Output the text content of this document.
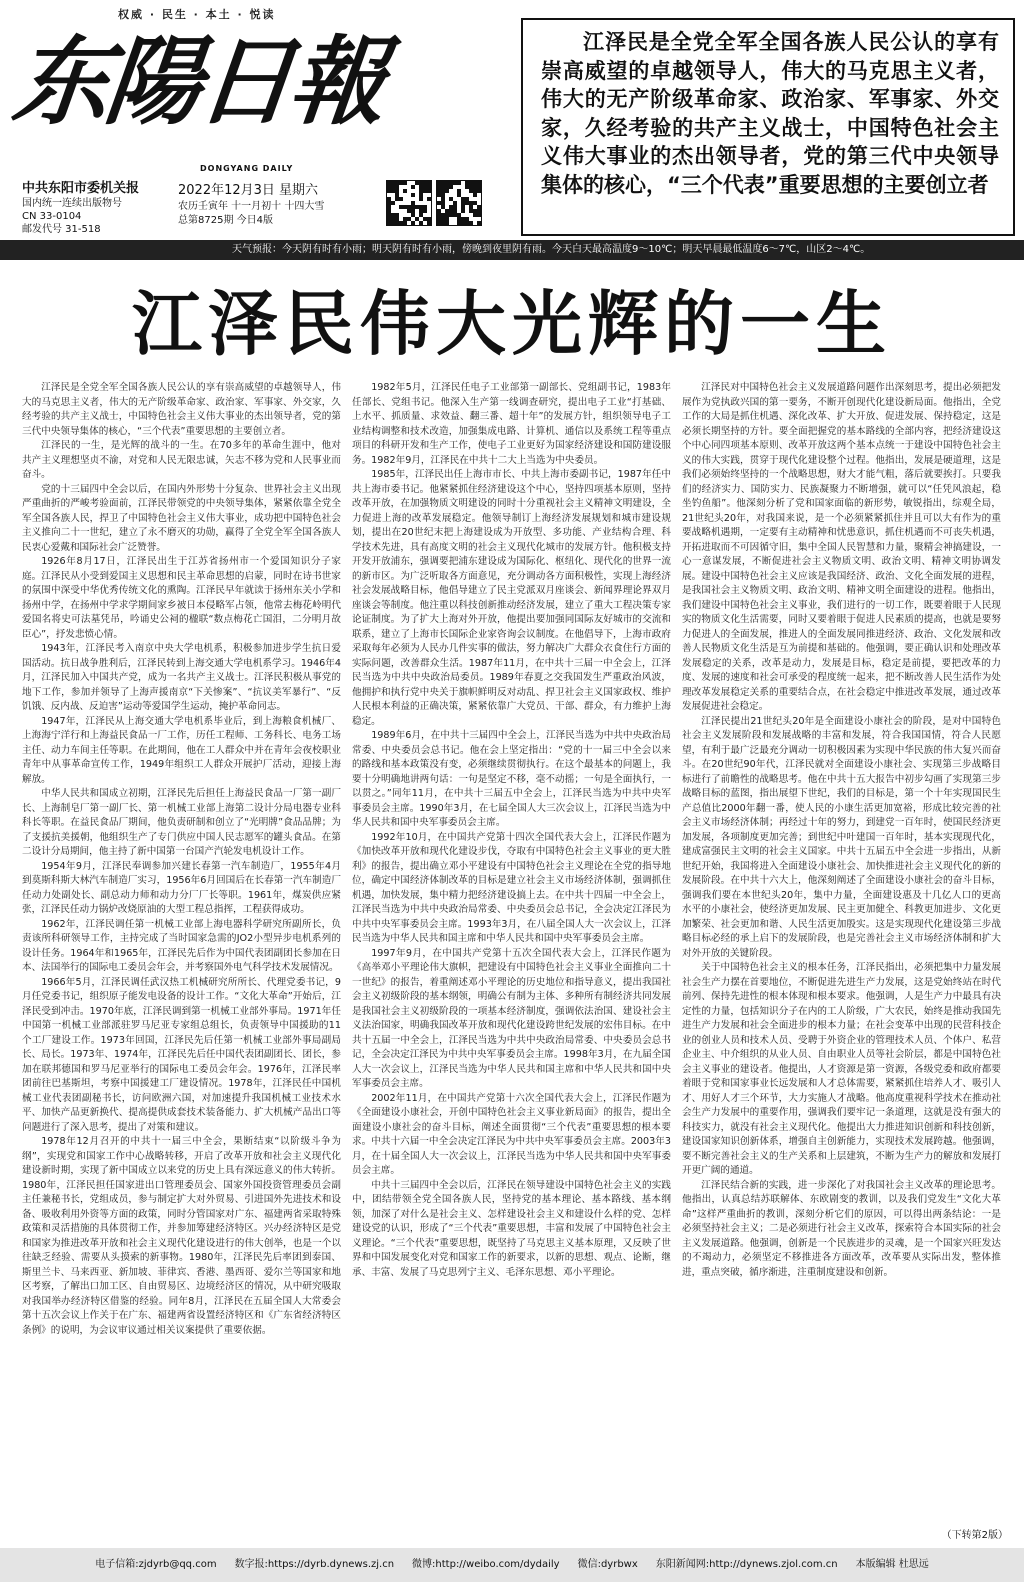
权威 · 民生 · 本土 · 悦读
东陽日報
DONGYANG DAILY
中共东阳市委机关报
国内统一连续出版物号
CN 33-0104
邮发代号 31-518
2022年12月3日 星期六
农历壬寅年 十一月初十 十四大雪
总第8725期 今日4版
江泽民是全党全军全国各族人民公认的享有崇高威望的卓越领导人，伟大的马克思主义者，伟大的无产阶级革命家、政治家、军事家、外交家，久经考验的共产主义战士，中国特色社会主义伟大事业的杰出领导者，党的第三代中央领导集体的核心，“三个代表”重要思想的主要创立者
天气预报：今天阴有时有小雨；明天阴有时有小雨，傍晚到夜里阴有雨。今天白天最高温度9～10℃；明天早晨最低温度6～7℃，山区2～4℃。
江泽民伟大光辉的一生

江泽民是全党全军全国各族人民公认的享有崇高威望的卓越领导人，伟大的马克思主义者，伟大的无产阶级革命家、政治家、军事家、外交家，久经考验的共产主义战士，中国特色社会主义伟大事业的杰出领导者，党的第三代中央领导集体的核心，“三个代表”重要思想的主要创立者。

江泽民的一生，是光辉的战斗的一生。在70多年的革命生涯中，他对共产主义理想坚贞不渝，对党和人民无限忠诚，矢志不移为党和人民事业而奋斗。

党的十三届四中全会以后，在国内外形势十分复杂、世界社会主义出现严重曲折的严峻考验面前，江泽民带领党的中央领导集体，紧紧依靠全党全军全国各族人民，捍卫了中国特色社会主义伟大事业，成功把中国特色社会主义推向二十一世纪，建立了永不磨灭的功勋，赢得了全党全军全国各族人民衷心爱戴和国际社会广泛赞誉。

1926年8月17日，江泽民出生于江苏省扬州市一个爱国知识分子家庭。江泽民从小受到爱国主义思想和民主革命思想的启蒙，同时在诗书世家的氛围中深受中华优秀传统文化的熏陶。江泽民早年就读于扬州东关小学和扬州中学，在扬州中学求学期间家乡被日本侵略军占领，他常去梅花岭明代爱国名将史可法墓凭吊，吟诵史公祠的楹联“数点梅花亡国泪，二分明月故臣心”，抒发悲愤心情。

1943年，江泽民考入南京中央大学电机系，积极参加进步学生抗日爱国活动。抗日战争胜利后，江泽民转到上海交通大学电机系学习。1946年4月，江泽民加入中国共产党，成为一名共产主义战士。江泽民积极从事党的地下工作，参加并领导了上海声援南京“下关惨案”、“抗议美军暴行”、“反饥饿、反内战、反迫害”运动等爱国学生运动，掩护革命同志。

1947年，江泽民从上海交通大学电机系毕业后，到上海粮食机械厂、上海海宁洋行和上海益民食品一厂工作，历任工程师、工务科长、电务工场主任、动力车间主任等职。在此期间，他在工人群众中并在青年会夜校职业青年中从事革命宣传工作，1949年组织工人群众开展护厂活动，迎接上海解放。

中华人民共和国成立初期，江泽民先后担任上海益民食品一厂第一副厂长、上海制皂厂第一副厂长、第一机械工业部上海第二设计分局电器专业科科长等职。在益民食品厂期间，他负责研制和创立了“光明牌”食品品牌；为了支援抗美援朝，他组织生产了专门供应中国人民志愿军的罐头食品。在第二设计分局期间，他主持了新中国第一台国产汽轮发电机设计工作。

1954年9月，江泽民奉调参加兴建长春第一汽车制造厂，1955年4月到莫斯科斯大林汽车制造厂实习，1956年6月回国后在长春第一汽车制造厂任动力处副处长、副总动力师和动力分厂厂长等职。1961年，煤炭供应紧张，江泽民任动力锅炉改烧原油的大型工程总指挥，工程获得成功。

1962年，江泽民调任第一机械工业部上海电器科学研究所副所长，负责该所科研领导工作，主持完成了当时国家急需的JO2小型异步电机系列的设计任务。1964年和1965年，江泽民先后作为中国代表团副团长参加在日本、法国举行的国际电工委员会年会，并考察国外电气科学技术发展情况。

1966年5月，江泽民调任武汉热工机械研究所所长、代理党委书记，9月任党委书记，组织原子能发电设备的设计工作。“文化大革命”开始后，江泽民受到冲击。1970年底，江泽民调到第一机械工业部外事局。1971年任中国第一机械工业部派驻罗马尼亚专家组总组长，负责领导中国援助的11个工厂建设工作。1973年回国，江泽民先后任第一机械工业部外事局副局长、局长。1973年、1974年，江泽民先后任中国代表团副团长、团长，参加在联邦德国和罗马尼亚举行的国际电工委员会年会。1976年，江泽民率团前往巴基斯坦，考察中国援建工厂建设情况。1978年，江泽民任中国机械工业代表团副秘书长，访问欧洲六国，对加速提升我国机械工业技术水平、加快产品更新换代、提高提供成套技术装备能力、扩大机械产品出口等问题进行了深入思考，提出了对策和建议。

1978年12月召开的中共十一届三中全会，果断结束“以阶级斗争为纲”，实现党和国家工作中心战略转移，开启了改革开放和社会主义现代化建设新时期，实现了新中国成立以来党的历史上具有深远意义的伟大转折。1980年，江泽民担任国家进出口管理委员会、国家外国投资管理委员会副主任兼秘书长，党组成员，参与制定扩大对外贸易、引进国外先进技术和设备、吸收利用外资等方面的政策，同时分管国家对广东、福建两省采取特殊政策和灵活措施的具体贯彻工作，并参加筹建经济特区。兴办经济特区是党和国家为推进改革开放和社会主义现代化建设进行的伟大创举，也是一个以往缺乏经验、需要从头摸索的新事物。1980年，江泽民先后率团到泰国、斯里兰卡、马来西亚、新加坡、菲律宾、香港、墨西哥、爱尔兰等国家和地区考察，了解出口加工区、自由贸易区、边境经济区的情况，从中研究吸取对我国举办经济特区借鉴的经验。同年8月，江泽民在五届全国人大常委会第十五次会议上作关于在广东、福建两省设置经济特区和《广东省经济特区条例》的说明，为会议审议通过相关议案提供了重要依据。

1982年5月，江泽民任电子工业部第一副部长、党组副书记，1983年任部长、党组书记。他深入生产第一线调查研究，提出电子工业“打基础、上水平、抓质量、求效益、翻三番、超十年”的发展方针，组织领导电子工业结构调整和技术改造，加强集成电路、计算机、通信以及系统工程等重点项目的科研开发和生产工作，使电子工业更好为国家经济建设和国防建设服务。1982年9月，江泽民在中共十二大上当选为中央委员。

1985年，江泽民出任上海市市长、中共上海市委副书记，1987年任中共上海市委书记。他紧紧抓住经济建设这个中心，坚持四项基本原则，坚持改革开放，在加强物质文明建设的同时十分重视社会主义精神文明建设，全力促进上海的改革发展稳定。他领导制订上海经济发展规划和城市建设规划，提出在20世纪末把上海建设成为开放型、多功能、产业结构合理、科学技术先进，具有高度文明的社会主义现代化城市的发展方针。他积极支持开发开放浦东，强调要把浦东建设成为国际化、枢纽化、现代化的世界一流的新市区。为广泛听取各方面意见，充分调动各方面积极性，实现上海经济社会发展战略目标，他倡导建立了民主党派双月座谈会、新闻界理论界双月座谈会等制度。他注重以科技创新推动经济发展，建立了重大工程决策专家论证制度。为了扩大上海对外开放，他提出要加强同国际友好城市的交流和联系，建立了上海市长国际企业家咨询会议制度。在他倡导下，上海市政府采取每年必须为人民办几件实事的做法，努力解决广大群众衣食住行方面的实际问题，改善群众生活。1987年11月，在中共十三届一中全会上，江泽民当选为中共中央政治局委员。1989年春夏之交我国发生严重政治风波，他拥护和执行党中央关于旗帜鲜明反对动乱、捍卫社会主义国家政权、维护人民根本利益的正确决策，紧紧依靠广大党员、干部、群众，有力维护上海稳定。

1989年6月，在中共十三届四中全会上，江泽民当选为中共中央政治局常委、中央委员会总书记。他在会上坚定指出：“党的十一届三中全会以来的路线和基本政策没有变，必须继续贯彻执行。在这个最基本的问题上，我要十分明确地讲两句话：一句是坚定不移，毫不动摇；一句是全面执行，一以贯之。”同年11月，在中共十三届五中全会上，江泽民当选为中共中央军事委员会主席。1990年3月，在七届全国人大三次会议上，江泽民当选为中华人民共和国中央军事委员会主席。

1992年10月，在中国共产党第十四次全国代表大会上，江泽民作题为《加快改革开放和现代化建设步伐，夺取有中国特色社会主义事业的更大胜利》的报告，提出确立邓小平建设有中国特色社会主义理论在全党的指导地位，确定中国经济体制改革的目标是建立社会主义市场经济体制，强调抓住机遇，加快发展，集中精力把经济建设搞上去。在中共十四届一中全会上，江泽民当选为中共中央政治局常委、中央委员会总书记，全会决定江泽民为中共中央军事委员会主席。1993年3月，在八届全国人大一次会议上，江泽民当选为中华人民共和国主席和中华人民共和国中央军事委员会主席。

1997年9月，在中国共产党第十五次全国代表大会上，江泽民作题为《高举邓小平理论伟大旗帜，把建设有中国特色社会主义事业全面推向二十一世纪》的报告，着重阐述邓小平理论的历史地位和指导意义，提出我国社会主义初级阶段的基本纲领，明确公有制为主体、多种所有制经济共同发展是我国社会主义初级阶段的一项基本经济制度，强调依法治国、建设社会主义法治国家，明确我国改革开放和现代化建设跨世纪发展的宏伟目标。在中共十五届一中全会上，江泽民当选为中共中央政治局常委、中央委员会总书记，全会决定江泽民为中共中央军事委员会主席。1998年3月，在九届全国人大一次会议上，江泽民当选为中华人民共和国主席和中华人民共和国中央军事委员会主席。

2002年11月，在中国共产党第十六次全国代表大会上，江泽民作题为《全面建设小康社会，开创中国特色社会主义事业新局面》的报告，提出全面建设小康社会的奋斗目标，阐述全面贯彻“三个代表”重要思想的根本要求。中共十六届一中全会决定江泽民为中共中央军事委员会主席。2003年3月，在十届全国人大一次会议上，江泽民当选为中华人民共和国中央军事委员会主席。

中共十三届四中全会以后，江泽民在领导建设中国特色社会主义的实践中，团结带领全党全国各族人民，坚持党的基本理论、基本路线、基本纲领，加深了对什么是社会主义、怎样建设社会主义和建设什么样的党、怎样建设党的认识，形成了“三个代表”重要思想，丰富和发展了中国特色社会主义理论。“三个代表”重要思想，既坚持了马克思主义基本原理，又反映了世界和中国发展变化对党和国家工作的新要求，以新的思想、观点、论断，继承、丰富、发展了马克思列宁主义、毛泽东思想、邓小平理论。

江泽民对中国特色社会主义发展道路问题作出深刻思考，提出必须把发展作为党执政兴国的第一要务，不断开创现代化建设新局面。他指出，全党工作的大局是抓住机遇、深化改革、扩大开放、促进发展、保持稳定，这是必须长期坚持的方针。要全面把握党的基本路线的全部内容，把经济建设这个中心同四项基本原则、改革开放这两个基本点统一于建设中国特色社会主义的伟大实践，贯穿于现代化建设整个过程。他指出，发展是硬道理，这是我们必须始终坚持的一个战略思想，财大才能气粗，落后就要挨打。只要我们的经济实力、国防实力、民族凝聚力不断增强，就可以“任凭风浪起，稳坐钓鱼船”。他深刻分析了党和国家面临的新形势，敏锐指出，综观全局，21世纪头20年，对我国来说，是一个必须紧紧抓住并且可以大有作为的重要战略机遇期，一定要有主动精神和忧患意识，抓住机遇而不可丧失机遇，开拓进取而不可因循守旧，集中全国人民智慧和力量，聚精会神搞建设，一心一意谋发展，不断促进社会主义物质文明、政治文明、精神文明协调发展。建设中国特色社会主义应该是我国经济、政治、文化全面发展的进程，是我国社会主义物质文明、政治文明、精神文明全面建设的进程。他指出，我们建设中国特色社会主义事业，我们进行的一切工作，既要着眼于人民现实的物质文化生活需要，同时又要着眼于促进人民素质的提高，也就是要努力促进人的全面发展，推进人的全面发展同推进经济、政治、文化发展和改善人民物质文化生活是互为前提和基础的。他强调，要正确认识和处理改革发展稳定的关系，改革是动力，发展是目标，稳定是前提，要把改革的力度、发展的速度和社会可承受的程度统一起来，把不断改善人民生活作为处理改革发展稳定关系的重要结合点，在社会稳定中推进改革发展，通过改革发展促进社会稳定。

江泽民提出21世纪头20年是全面建设小康社会的阶段，是对中国特色社会主义发展阶段和发展战略的丰富和发展，符合我国国情，符合人民愿望，有利于最广泛最充分调动一切积极因素为实现中华民族的伟大复兴而奋斗。在20世纪90年代，江泽民就对全面建设小康社会、实现第三步战略目标进行了前瞻性的战略思考。他在中共十五大报告中初步勾画了实现第三步战略目标的蓝图，指出展望下世纪，我们的目标是，第一个十年实现国民生产总值比2000年翻一番，使人民的小康生活更加宽裕，形成比较完善的社会主义市场经济体制；再经过十年的努力，到建党一百年时，使国民经济更加发展，各项制度更加完善；到世纪中叶建国一百年时，基本实现现代化，建成富强民主文明的社会主义国家。中共十五届五中全会进一步指出，从新世纪开始，我国将进入全面建设小康社会、加快推进社会主义现代化的新的发展阶段。在中共十六大上，他深刻阐述了全面建设小康社会的奋斗目标，强调我们要在本世纪头20年，集中力量，全面建设惠及十几亿人口的更高水平的小康社会，使经济更加发展、民主更加健全、科教更加进步、文化更加繁荣、社会更加和谐、人民生活更加殷实。这是实现现代化建设第三步战略目标必经的承上启下的发展阶段，也是完善社会主义市场经济体制和扩大对外开放的关键阶段。

关于中国特色社会主义的根本任务，江泽民指出，必须把集中力量发展社会生产力摆在首要地位，不断促进先进生产力发展，这是党始终站在时代前列、保持先进性的根本体现和根本要求。他强调，人是生产力中最具有决定性的力量，包括知识分子在内的工人阶级，广大农民，始终是推动我国先进生产力发展和社会全面进步的根本力量；在社会变革中出现的民营科技企业的创业人员和技术人员、受聘于外资企业的管理技术人员、个体户、私营企业主、中介组织的从业人员、自由职业人员等社会阶层，都是中国特色社会主义事业的建设者。他提出，人才资源是第一资源，各级党委和政府都要着眼于党和国家事业长远发展和人才总体需要，紧紧抓住培养人才、吸引人才、用好人才三个环节，大力实施人才战略。他高度重视科学技术在推动社会生产力发展中的重要作用，强调我们要牢记一条道理，这就是没有强大的科技实力，就没有社会主义现代化。他提出大力推进知识创新和科技创新，建设国家知识创新体系，增强自主创新能力，实现技术发展跨越。他强调，要不断完善社会主义的生产关系和上层建筑，不断为生产力的解放和发展打开更广阔的通道。

江泽民结合新的实践，进一步深化了对我国社会主义改革的理论思考。他指出，认真总结苏联解体、东欧剧变的教训，以及我们党发生“文化大革命”这样严重曲折的教训，深刻分析它们的原因，可以得出两条结论：一是必须坚持社会主义；二是必须进行社会主义改革，探索符合本国实际的社会主义发展道路。他强调，创新是一个民族进步的灵魂，是一个国家兴旺发达的不竭动力，必须坚定不移推进各方面改革，改革要从实际出发，整体推进，重点突破，循序渐进，注重制度建设和创新。

（下转第2版）
电子信箱:zjdyrb@qq.com 数字报:https://dyrb.dynews.zj.cn 微博:http://weibo.com/dydaily 微信:dyrbwx 东阳新闻网:http://dynews.zjol.com.cn 本版编辑 杜思远
